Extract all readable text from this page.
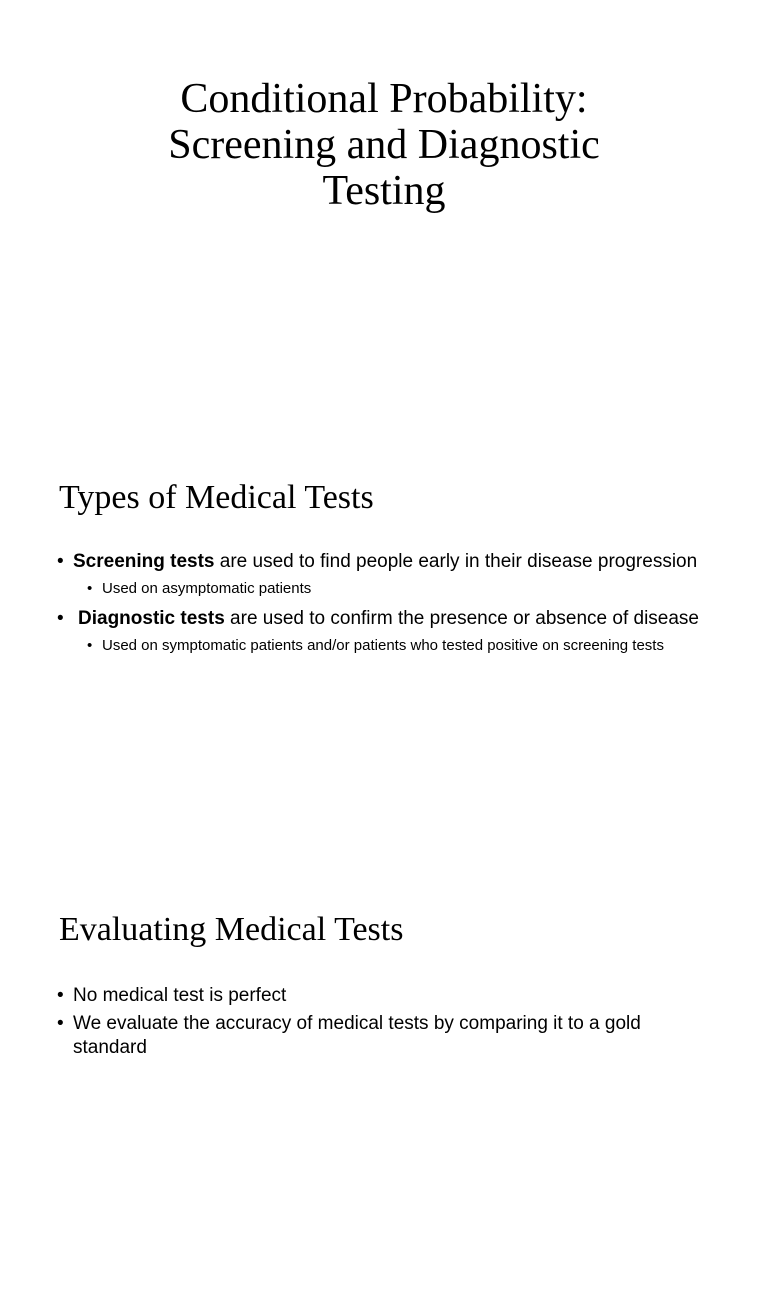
Conditional Probability:
Screening and Diagnostic
Testing
Types of Medical Tests
• Screening tests are used to find people early in their disease progression
• Used on asymptomatic patients
• Diagnostic tests are used to confirm the presence or absence of disease
• Used on symptomatic patients and/or patients who tested positive on screening tests
Evaluating Medical Tests
• No medical test is perfect
• We evaluate the accuracy of medical tests by comparing it to a gold standard
